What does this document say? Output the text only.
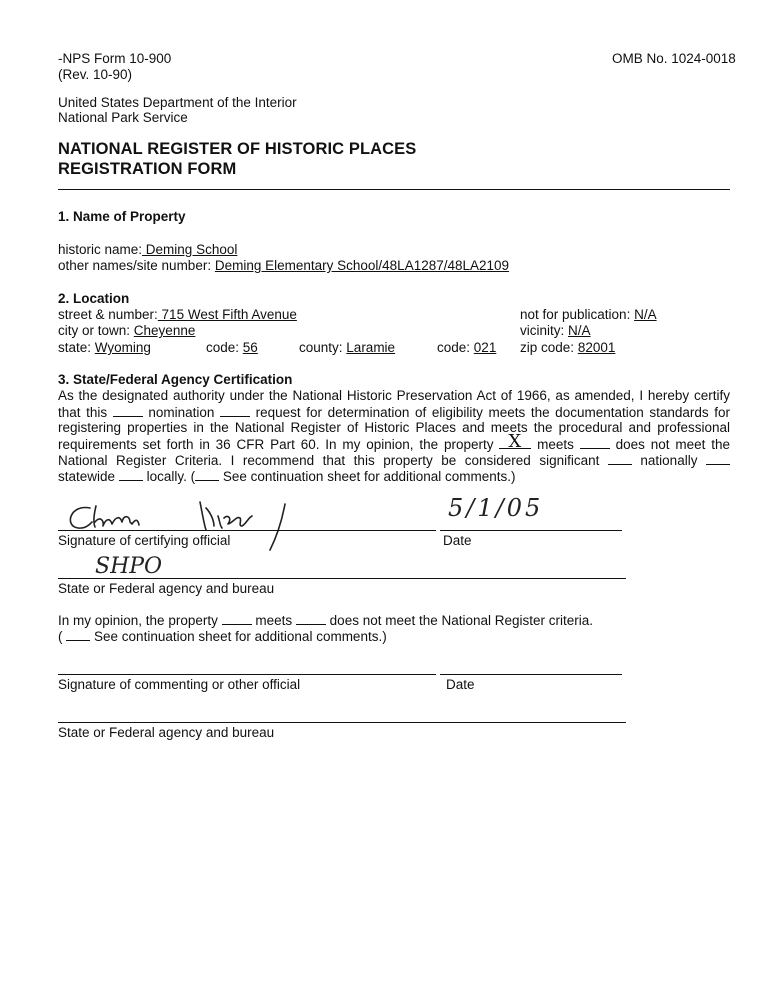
-NPS Form 10-900
(Rev. 10-90)
OMB No. 1024-0018
United States Department of the Interior
National Park Service
NATIONAL REGISTER OF HISTORIC PLACES
REGISTRATION FORM
1. Name of Property
historic name: Deming School
other names/site number: Deming Elementary School/48LA1287/48LA2109
2. Location
street & number: 715 West Fifth Avenue	not for publication: N/A
city or town: Cheyenne	vicinity: N/A
state: Wyoming	code: 56	county: Laramie	code: 021 zip code: 82001
3. State/Federal Agency Certification
As the designated authority under the National Historic Preservation Act of 1966, as amended, I hereby certify
that this	nomination	request for determination of eligibility meets the documentation standards for
registering properties in the National Register of Historic Places and meets the procedural and professional
requirements set forth in 36 CFR Part 60. In my opinion, the property X meets	does not meet the
National Register Criteria. I recommend that this property be considered significant	nationally
statewide locally. ( See continuation sheet for additional comments.)
Signature of certifying official
5/1/05
Date
SHPO
State or Federal agency and bureau
In my opinion, the property	meets	does not meet the National Register criteria.
( See continuation sheet for additional comments.)
Signature of commenting or other official	Date
State or Federal agency and bureau
